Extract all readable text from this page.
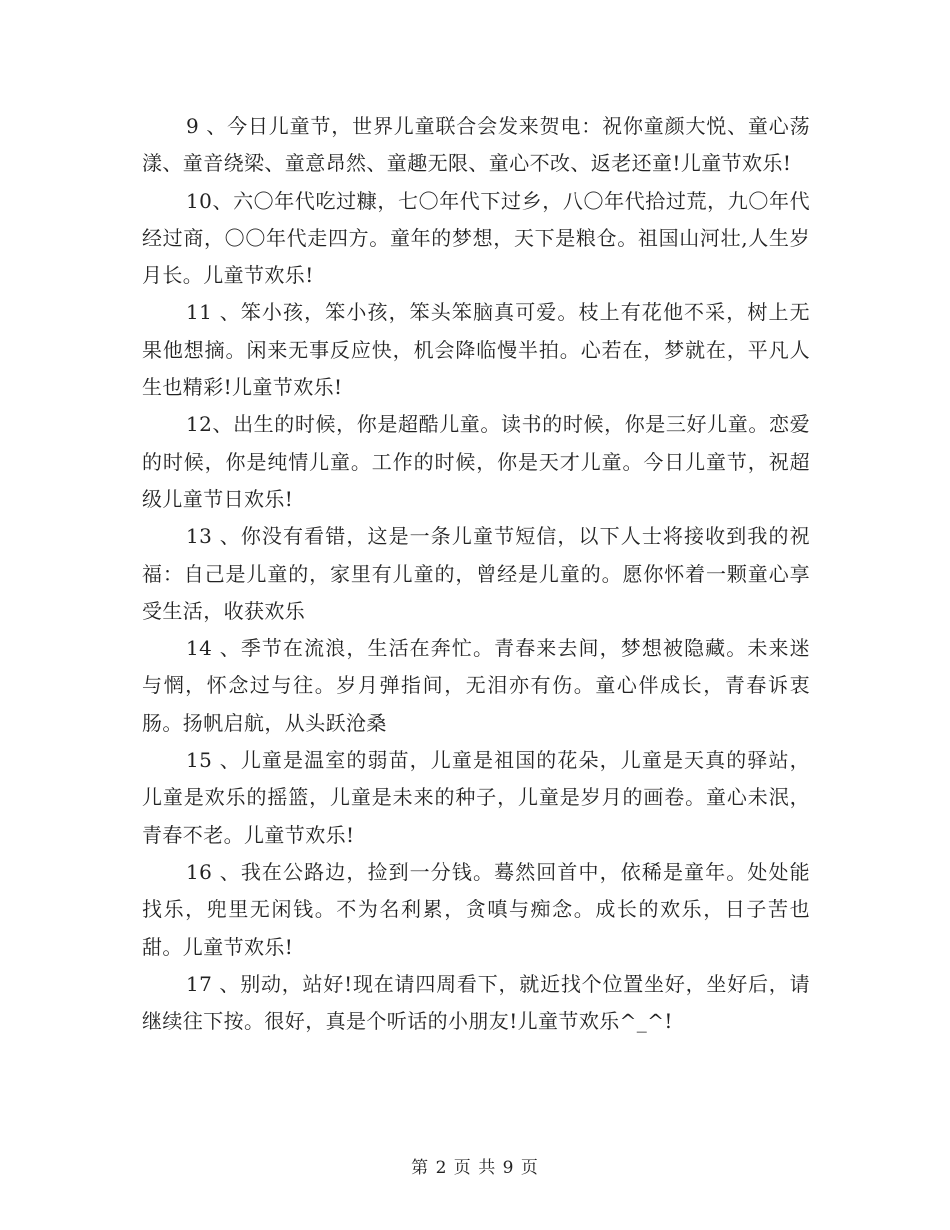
9 、今日儿童节，世界儿童联合会发来贺电：祝你童颜大悦、童心荡漾、童音绕梁、童意昂然、童趣无限、童心不改、返老还童!儿童节欢乐!

10、六〇年代吃过糠，七〇年代下过乡，八〇年代拾过荒，九〇年代经过商，〇〇年代走四方。童年的梦想，天下是粮仓。祖国山河壮,人生岁月长。儿童节欢乐!

11 、笨小孩，笨小孩，笨头笨脑真可爱。枝上有花他不采，树上无果他想摘。闲来无事反应快，机会降临慢半拍。心若在，梦就在，平凡人生也精彩!儿童节欢乐!

12、出生的时候，你是超酷儿童。读书的时候，你是三好儿童。恋爱的时候，你是纯情儿童。工作的时候，你是天才儿童。今日儿童节，祝超级儿童节日欢乐!

13 、你没有看错，这是一条儿童节短信，以下人士将接收到我的祝福：自己是儿童的，家里有儿童的，曾经是儿童的。愿你怀着一颗童心享受生活，收获欢乐

14 、季节在流浪，生活在奔忙。青春来去间，梦想被隐藏。未来迷与惘，怀念过与往。岁月弹指间，无泪亦有伤。童心伴成长，青春诉衷肠。扬帆启航，从头跃沧桑

15 、儿童是温室的弱苗，儿童是祖国的花朵，儿童是天真的驿站，儿童是欢乐的摇篮，儿童是未来的种子，儿童是岁月的画卷。童心未泯，青春不老。儿童节欢乐!

16 、我在公路边，捡到一分钱。蓦然回首中，依稀是童年。处处能找乐，兜里无闲钱。不为名利累，贪嗔与痴念。成长的欢乐，日子苦也甜。儿童节欢乐!

17 、别动，站好!现在请四周看下，就近找个位置坐好，坐好后，请继续往下按。很好，真是个听话的小朋友!儿童节欢乐^_^!

第 2 页 共 9 页
